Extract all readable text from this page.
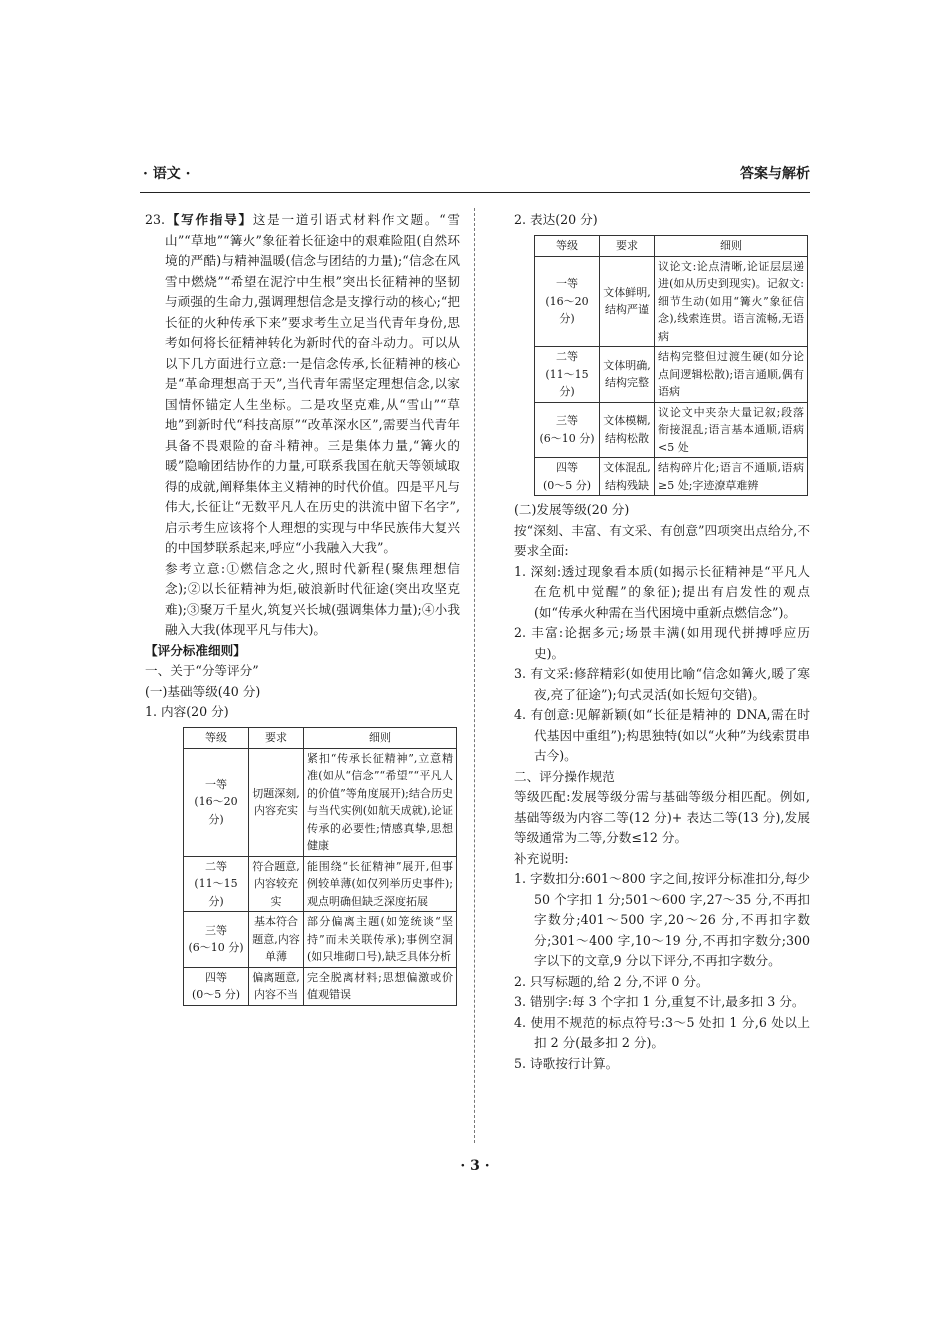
· 语文 ·	答案与解析

23.【写作指导】这是一道引语式材料作文题。“雪山”“草地”“篝火”象征着长征途中的艰难险阻(自然环境的严酷)与精神温暖(信念与团结的力量);“信念在风雪中燃烧”“希望在泥泞中生根”突出长征精神的坚韧与顽强的生命力,强调理想信念是支撑行动的核心;“把长征的火种传承下来”要求考生立足当代青年身份,思考如何将长征精神转化为新时代的奋斗动力。可以从以下几方面进行立意:一是信念传承,长征精神的核心是“革命理想高于天”,当代青年需坚定理想信念,以家国情怀锚定人生坐标。二是攻坚克难,从“雪山”“草地”到新时代“科技高原”“改革深水区”,需要当代青年具备不畏艰险的奋斗精神。三是集体力量,“篝火的暖”隐喻团结协作的力量,可联系我国在航天等领域取得的成就,阐释集体主义精神的时代价值。四是平凡与伟大,长征让“无数平凡人在历史的洪流中留下名字”,启示考生应该将个人理想的实现与中华民族伟大复兴的中国梦联系起来,呼应“小我融入大我”。

参考立意:①燃信念之火,照时代新程(聚焦理想信念);②以长征精神为炬,破浪新时代征途(突出攻坚克难);③聚万千星火,筑复兴长城(强调集体力量);④小我融入大我(体现平凡与伟大)。

【评分标准细则】

一、关于“分等评分”

(一)基础等级(40 分)

1. 内容(20 分)

等级	要求	细则
一等
(16～20 分)	切题深刻,内容充实	紧扣“传承长征精神”,立意精准(如从“信念”“希望”“平凡人的价值”等角度展开);结合历史与当代实例(如航天成就),论证传承的必要性;情感真挚,思想健康
二等
(11～15 分)	符合题意,内容较充实	能围绕“长征精神”展开,但事例较单薄(如仅列举历史事件);观点明确但缺乏深度拓展
三等
(6～10 分)	基本符合题意,内容单薄	部分偏离主题(如笼统谈“坚持”而未关联传承);事例空洞(如只堆砌口号),缺乏具体分析
四等
(0～5 分)	偏离题意,内容不当	完全脱离材料;思想偏激或价值观错误

2. 表达(20 分)

等级	要求	细则
一等
(16～20 分)	文体鲜明,结构严谨	议论文:论点清晰,论证层层递进(如从历史到现实)。记叙文:细节生动(如用“篝火”象征信念),线索连贯。语言流畅,无语病
二等
(11～15 分)	文体明确,结构完整	结构完整但过渡生硬(如分论点间逻辑松散);语言通顺,偶有语病
三等
(6～10 分)	文体模糊,结构松散	议论文中夹杂大量记叙;段落衔接混乱;语言基本通顺,语病<5 处
四等
(0～5 分)	文体混乱,结构残缺	结构碎片化;语言不通顺,语病≥5 处;字迹潦草难辨

(二)发展等级(20 分)

按“深刻、丰富、有文采、有创意”四项突出点给分,不要求全面:

1. 深刻:透过现象看本质(如揭示长征精神是“平凡人在危机中觉醒”的象征);提出有启发性的观点(如“传承火种需在当代困境中重新点燃信念”)。

2. 丰富:论据多元;场景丰满(如用现代拼搏呼应历史)。

3. 有文采:修辞精彩(如使用比喻“信念如篝火,暖了寒夜,亮了征途”);句式灵活(如长短句交错)。

4. 有创意:见解新颖(如“长征是精神的 DNA,需在时代基因中重组”);构思独特(如以“火种”为线索贯串古今)。

二、评分操作规范

等级匹配:发展等级分需与基础等级分相匹配。例如,基础等级为内容二等(12 分)+ 表达二等(13 分),发展等级通常为二等,分数≤12 分。

补充说明:

1. 字数扣分:601～800 字之间,按评分标准扣分,每少 50 个字扣 1 分;501～600 字,27～35 分,不再扣字数分;401～500 字,20～26 分,不再扣字数分;301～400 字,10～19 分,不再扣字数分;300 字以下的文章,9 分以下评分,不再扣字数分。

2. 只写标题的,给 2 分,不评 0 分。

3. 错别字:每 3 个字扣 1 分,重复不计,最多扣 3 分。

4. 使用不规范的标点符号:3～5 处扣 1 分,6 处以上扣 2 分(最多扣 2 分)。

5. 诗歌按行计算。

· 3 ·
